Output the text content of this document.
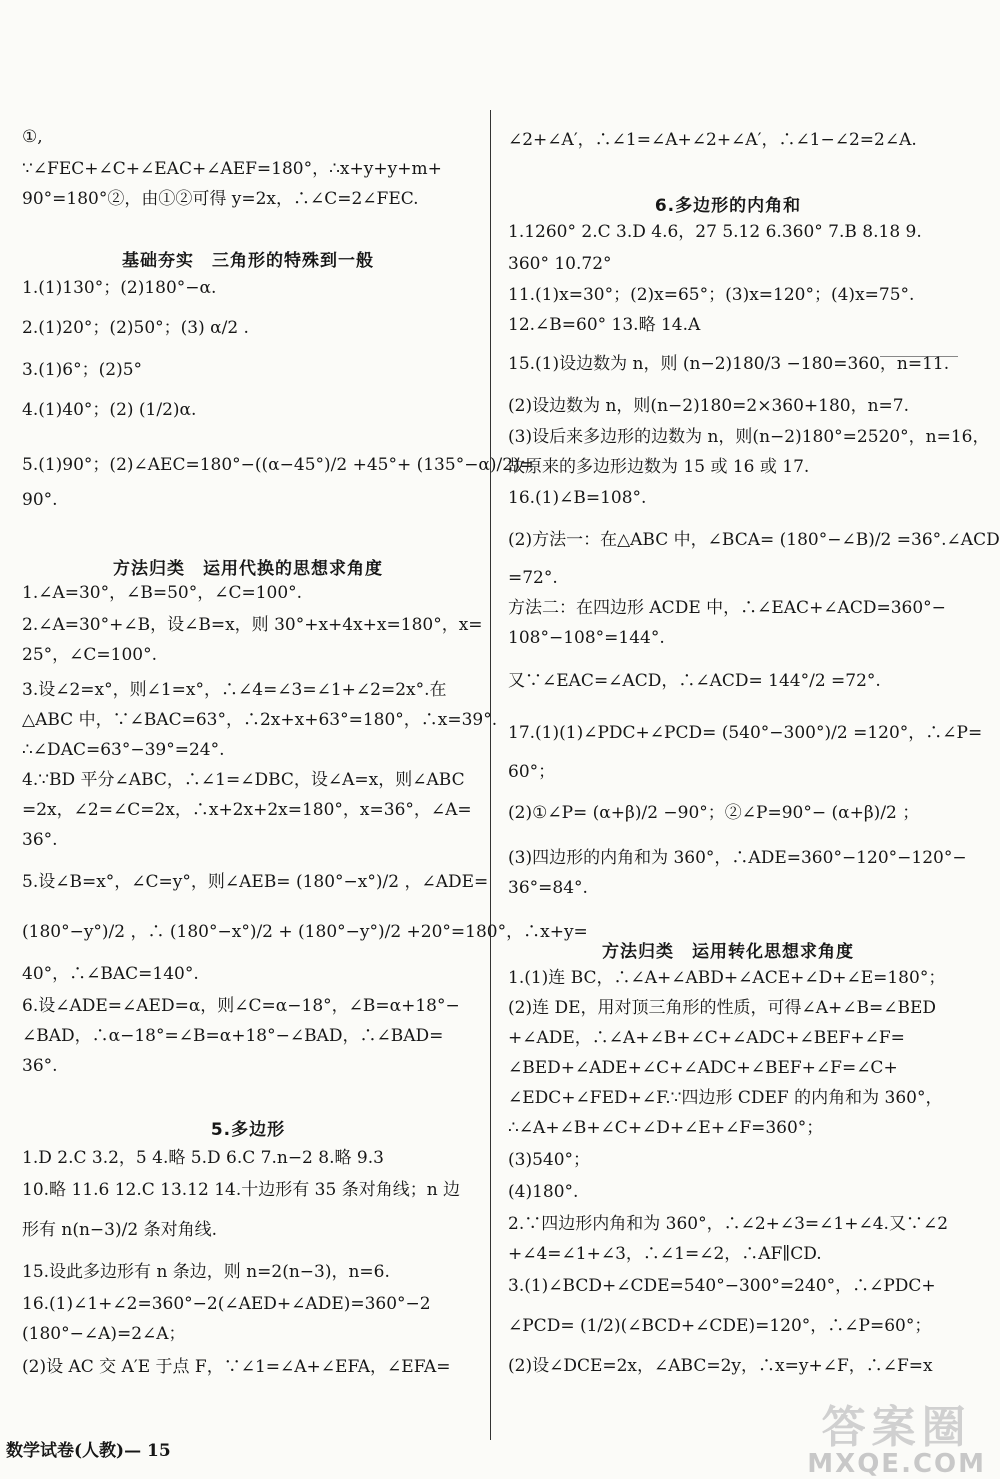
①,
∵∠FEC+∠C+∠EAC+∠AEF=180°，∴x+y+y+m+
90°=180°②，由①②可得 y=2x，∴∠C=2∠FEC.
基础夯实　三角形的特殊到一般
1.(1)130°；(2)180°−α.
2.(1)20°；(2)50°；(3) α/2 .
3.(1)6°；(2)5°
4.(1)40°；(2) (1/2)α.
5.(1)90°；(2)∠AEC=180°−((α−45°)/2 +45°+ (135°−α)/2)=
90°.
方法归类　运用代换的思想求角度
1.∠A=30°，∠B=50°，∠C=100°.
2.∠A=30°+∠B，设∠B=x，则 30°+x+4x+x=180°，x=
25°，∠C=100°.
3.设∠2=x°，则∠1=x°，∴∠4=∠3=∠1+∠2=2x°.在
△ABC 中，∵∠BAC=63°，∴2x+x+63°=180°，∴x=39°.
∴∠DAC=63°−39°=24°.
4.∵BD 平分∠ABC，∴∠1=∠DBC，设∠A=x，则∠ABC
=2x，∠2=∠C=2x，∴x+2x+2x=180°，x=36°，∠A=
36°.
5.设∠B=x°，∠C=y°，则∠AEB= (180°−x°)/2 ，∠ADE=
(180°−y°)/2 ，∴ (180°−x°)/2 + (180°−y°)/2 +20°=180°，∴x+y=
40°，∴∠BAC=140°.
6.设∠ADE=∠AED=α，则∠C=α−18°，∠B=α+18°−
∠BAD，∴α−18°=∠B=α+18°−∠BAD，∴∠BAD=
36°.
5.多边形
1.D 2.C 3.2，5 4.略 5.D 6.C 7.n−2 8.略 9.3
10.略 11.6 12.C 13.12 14.十边形有 35 条对角线；n 边
形有 n(n−3)/2 条对角线.
15.设此多边形有 n 条边，则 n=2(n−3)，n=6.
16.(1)∠1+∠2=360°−2(∠AED+∠ADE)=360°−2
(180°−∠A)=2∠A；
(2)设 AC 交 A′E 于点 F，∵∠1=∠A+∠EFA，∠EFA=
∠2+∠A′，∴∠1=∠A+∠2+∠A′，∴∠1−∠2=2∠A.
6.多边形的内角和
1.1260° 2.C 3.D 4.6，27 5.12 6.360° 7.B 8.18 9.
360° 10.72°
11.(1)x=30°；(2)x=65°；(3)x=120°；(4)x=75°.
12.∠B=60° 13.略 14.A
15.(1)设边数为 n，则 (n−2)180/3 −180=360，n=11.
(2)设边数为 n，则(n−2)180=2×360+180，n=7.
(3)设后来多边形的边数为 n，则(n−2)180°=2520°，n=16，
故原来的多边形边数为 15 或 16 或 17.
16.(1)∠B=108°.
(2)方法一：在△ABC 中，∠BCA= (180°−∠B)/2 =36°.∠ACD
=72°.
方法二：在四边形 ACDE 中，∴∠EAC+∠ACD=360°−
108°−108°=144°.
又∵∠EAC=∠ACD，∴∠ACD= 144°/2 =72°.
17.(1)(1)∠PDC+∠PCD= (540°−300°)/2 =120°，∴∠P=
60°；
(2)①∠P= (α+β)/2 −90°；②∠P=90°− (α+β)/2 ；
(3)四边形的内角和为 360°，∴ADE=360°−120°−120°−
36°=84°.
方法归类　运用转化思想求角度
1.(1)连 BC，∴∠A+∠ABD+∠ACE+∠D+∠E=180°；
(2)连 DE，用对顶三角形的性质，可得∠A+∠B=∠BED
+∠ADE，∴∠A+∠B+∠C+∠ADC+∠BEF+∠F=
∠BED+∠ADE+∠C+∠ADC+∠BEF+∠F=∠C+
∠EDC+∠FED+∠F.∵四边形 CDEF 的内角和为 360°，
∴∠A+∠B+∠C+∠D+∠E+∠F=360°；
(3)540°；
(4)180°.
2.∵四边形内角和为 360°，∴∠2+∠3=∠1+∠4.又∵∠2
+∠4=∠1+∠3，∴∠1=∠2，∴AF∥CD.
3.(1)∠BCD+∠CDE=540°−300°=240°，∴∠PDC+
∠PCD= (1/2)(∠BCD+∠CDE)=120°，∴∠P=60°；
(2)设∠DCE=2x，∠ABC=2y，∴x=y+∠F，∴∠F=x
数学试卷(人教)— 15	答案圈
MXQE.COM
